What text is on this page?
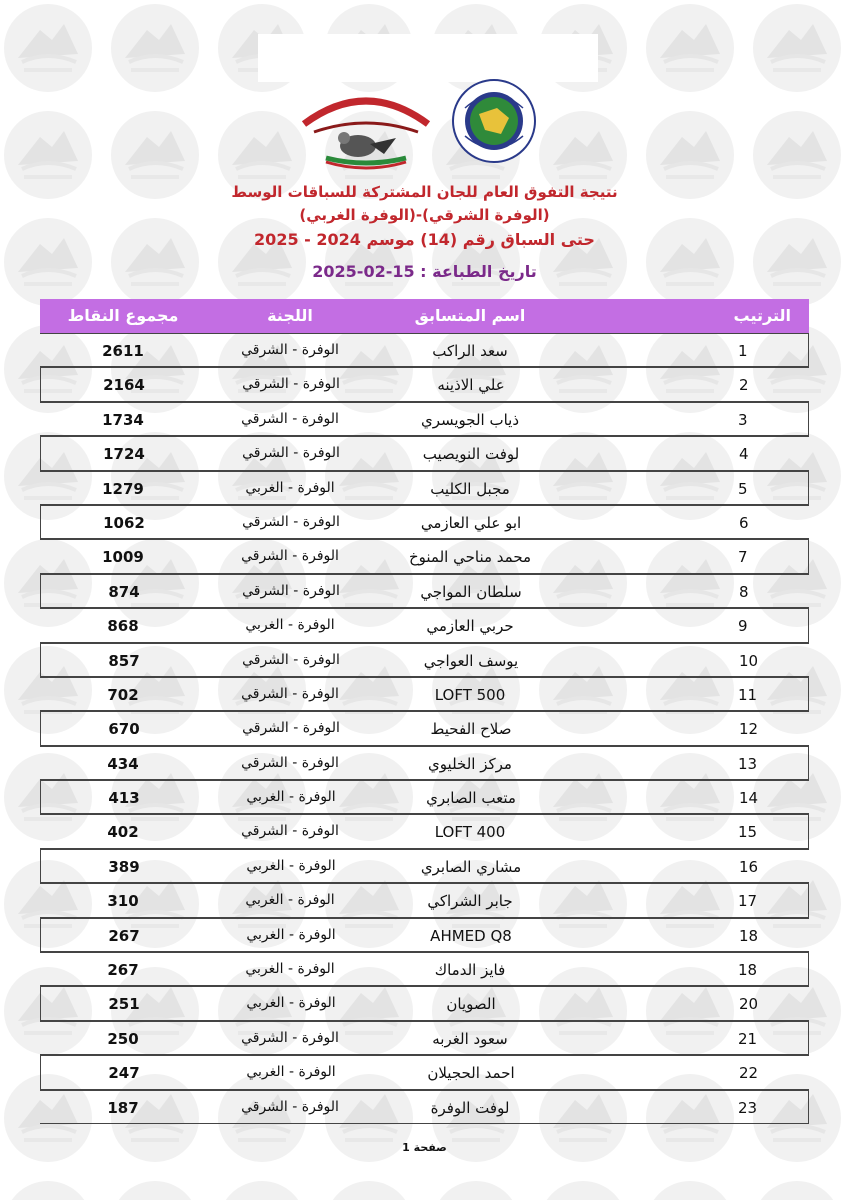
نتيجة التفوق العام للجان المشتركة للسباقات الوسط
(الوفرة الشرقي)-(الوفرة الغربي)
حتى السباق رقم (14) موسم 2024 - 2025
تاريخ الطباعة : 15-02-2025
الترتيب
اسم المتسابق
اللجنة
مجموع النقاط
1
سعد الراكب
الوفرة - الشرقي
2611
2
علي الاذينه
الوفرة - الشرقي
2164
3
ذياب الجويسري
الوفرة - الشرقي
1734
4
لوفت النويصيب
الوفرة - الشرقي
1724
5
مجبل الكليب
الوفرة - الغربي
1279
6
ابو علي العازمي
الوفرة - الشرقي
1062
7
محمد مناحي المنوخ
الوفرة - الشرقي
1009
8
سلطان المواجي
الوفرة - الشرقي
874
9
حربي العازمي
الوفرة - الغربي
868
10
يوسف العواجي
الوفرة - الشرقي
857
11
LOFT 500
الوفرة - الشرقي
702
12
صلاح الفحيط
الوفرة - الشرقي
670
13
مركز الخليوي
الوفرة - الشرقي
434
14
متعب الصابري
الوفرة - الغربي
413
15
LOFT 400
الوفرة - الشرقي
402
16
مشاري الصابري
الوفرة - الغربي
389
17
جابر الشراكي
الوفرة - الغربي
310
18
AHMED Q8
الوفرة - الغربي
267
18
فايز الدماك
الوفرة - الغربي
267
20
الصويان
الوفرة - الغربي
251
21
سعود الغربه
الوفرة - الشرقي
250
22
احمد الحجيلان
الوفرة - الغربي
247
23
لوفت الوفرة
الوفرة - الشرقي
187
صفحة 1
